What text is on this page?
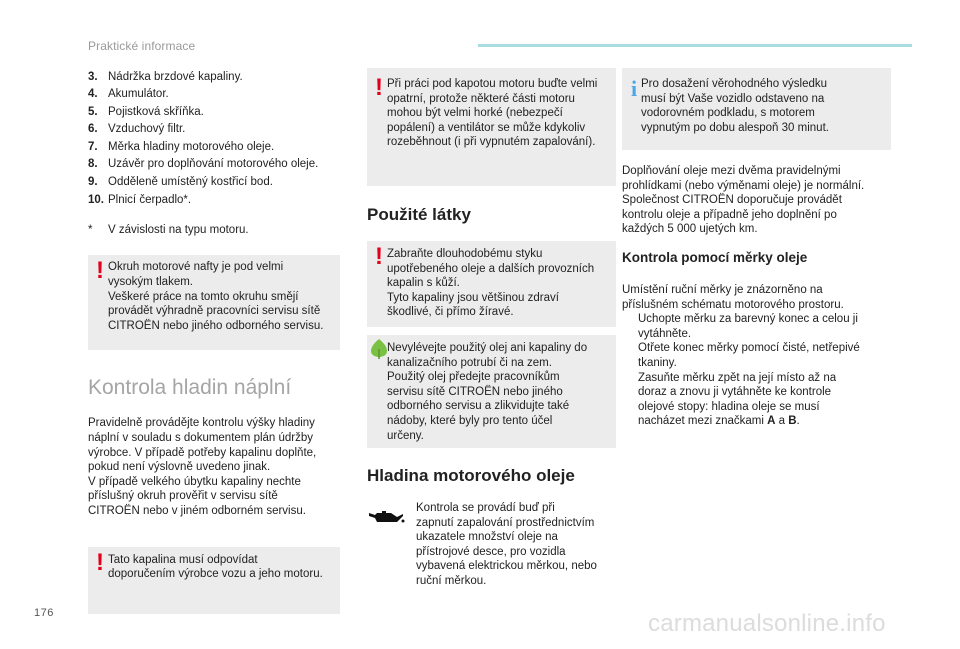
Praktické informace
3. Nádržka brzdové kapaliny.
4. Akumulátor.
5. Pojistková skříňka.
6. Vzduchový filtr.
7. Měrka hladiny motorového oleje.
8. Uzávěr pro doplňování motorového oleje.
9. Odděleně umístěný kostřicí bod.
10. Plnicí čerpadlo*.
*	V závislosti na typu motoru.
! Okruh motorové nafty je pod velmi

vysokým tlakem.

Veškeré práce na tomto okruhu smějí

provádět výhradně pracovníci servisu sítě

CITROËN nebo jiného odborného servisu.

Kontrola hladin náplní

Pravidelně provádějte kontrolu výšky hladiny

náplní v souladu s dokumentem plán údržby

výrobce. V případě potřeby kapalinu doplňte,

pokud není výslovně uvedeno jinak.

V případě velkého úbytku kapaliny nechte

příslušný okruh prověřit v servisu sítě

CITROËN nebo v jiném odborném servisu.

! Tato kapalina musí odpovídat

doporučením výrobce vozu a jeho motoru.

! Při práci pod kapotou motoru buďte velmi

opatrní, protože některé části motoru

mohou být velmi horké (nebezpečí

popálení) a ventilátor se může kdykoliv

rozeběhnout (i při vypnutém zapalování).

Použité látky
! Zabraňte dlouhodobému styku

upotřebeného oleje a dalších provozních

kapalin s kůží.

Tyto kapaliny jsou většinou zdraví

škodlivé, či přímo žíravé.

Nevylévejte použitý olej ani kapaliny do

kanalizačního potrubí či na zem.

Použitý olej předejte pracovníkům

servisu sítě CITROËN nebo jiného

odborného servisu a zlikvidujte také

nádoby, které byly pro tento účel

určeny.

Hladina motorového oleje

Kontrola se provádí buď při

zapnutí zapalování prostřednictvím

ukazatele množství oleje na

přístrojové desce, pro vozidla

vybavená elektrickou měrkou, nebo

ruční měrkou.

i Pro dosažení věrohodného výsledku

musí být Vaše vozidlo odstaveno na

vodorovném podkladu, s motorem

vypnutým po dobu alespoň 30 minut.

Doplňování oleje mezi dvěma pravidelnými

prohlídkami (nebo výměnami oleje) je normální.

Společnost CITROËN doporučuje provádět

kontrolu oleje a případně jeho doplnění po

každých 5 000 ujetých km.

Kontrola pomocí měrky oleje

Umístění ruční měrky je znázorněno na

příslušném schématu motorového prostoru.

Uchopte měrku za barevný konec a celou ji

vytáhněte.

Otřete konec měrky pomocí čisté, netřepivé

tkaniny.

Zasuňte měrku zpět na její místo až na

doraz a znovu ji vytáhněte ke kontrole

olejové stopy: hladina oleje se musí

nacházet mezi značkami A a B.

176	carmanualsonline.info
